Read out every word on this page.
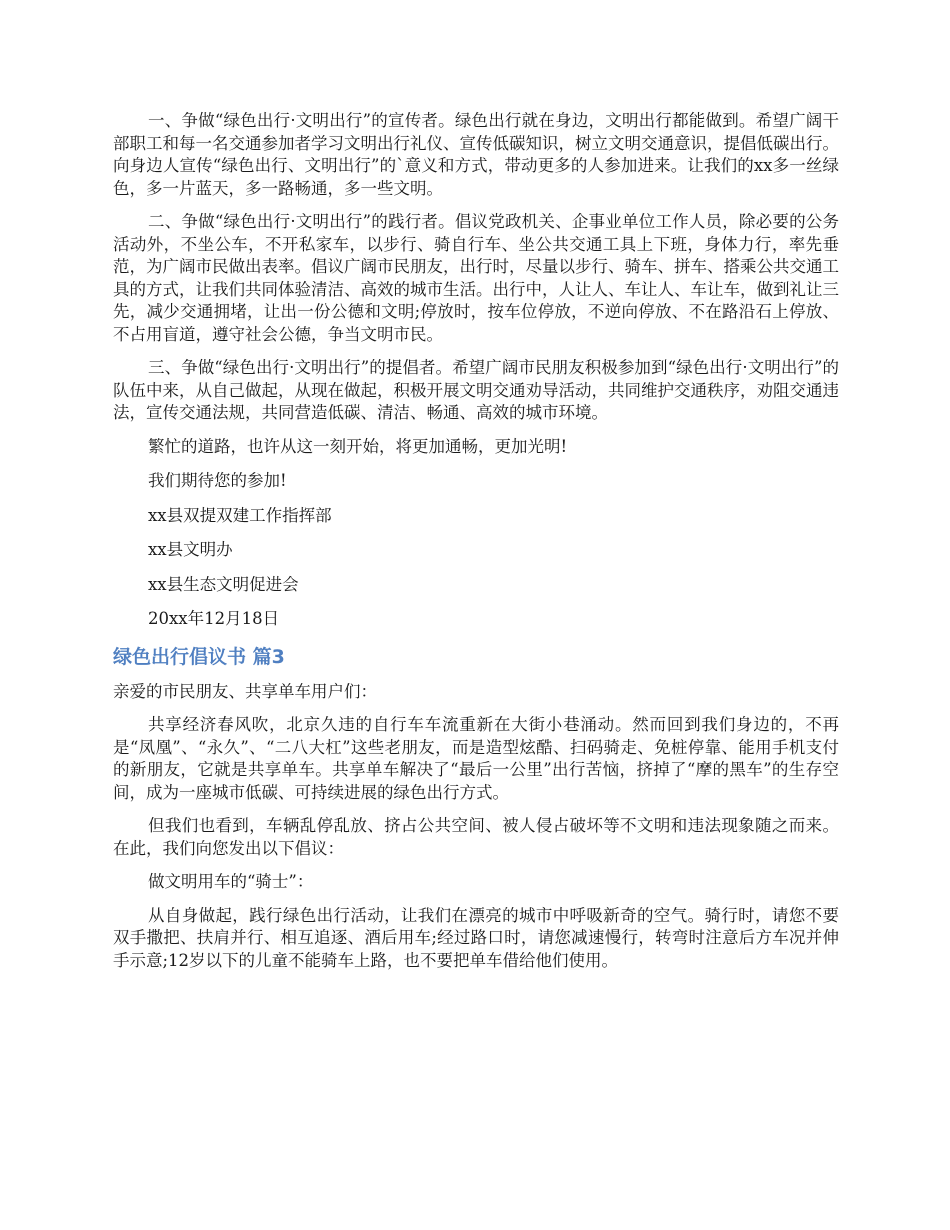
一、争做“绿色出行·文明出行”的宣传者。绿色出行就在身边，文明出行都能做到。希望广阔干部职工和每一名交通参加者学习文明出行礼仪、宣传低碳知识，树立文明交通意识，提倡低碳出行。向身边人宣传“绿色出行、文明出行”的`意义和方式，带动更多的人参加进来。让我们的xx多一丝绿色，多一片蓝天，多一路畅通，多一些文明。

二、争做“绿色出行·文明出行”的践行者。倡议党政机关、企事业单位工作人员，除必要的公务活动外，不坐公车，不开私家车，以步行、骑自行车、坐公共交通工具上下班，身体力行，率先垂范，为广阔市民做出表率。倡议广阔市民朋友，出行时，尽量以步行、骑车、拼车、搭乘公共交通工具的方式，让我们共同体验清洁、高效的城市生活。出行中，人让人、车让人、车让车，做到礼让三先，减少交通拥堵，让出一份公德和文明;停放时，按车位停放，不逆向停放、不在路沿石上停放、不占用盲道，遵守社会公德，争当文明市民。

三、争做“绿色出行·文明出行”的提倡者。希望广阔市民朋友积极参加到“绿色出行·文明出行”的队伍中来，从自己做起，从现在做起，积极开展文明交通劝导活动，共同维护交通秩序，劝阻交通违法，宣传交通法规，共同营造低碳、清洁、畅通、高效的城市环境。

繁忙的道路，也许从这一刻开始，将更加通畅，更加光明!
我们期待您的参加!
xx县双提双建工作指挥部
xx县文明办
xx县生态文明促进会
20xx年12月18日
绿色出行倡议书 篇3

亲爱的市民朋友、共享单车用户们：

共享经济春风吹，北京久违的自行车车流重新在大街小巷涌动。然而回到我们身边的，不再是“凤凰”、“永久”、“二八大杠”这些老朋友，而是造型炫酷、扫码骑走、免桩停靠、能用手机支付的新朋友，它就是共享单车。共享单车解决了“最后一公里”出行苦恼，挤掉了“摩的黑车”的生存空间，成为一座城市低碳、可持续进展的绿色出行方式。

但我们也看到，车辆乱停乱放、挤占公共空间、被人侵占破坏等不文明和违法现象随之而来。在此，我们向您发出以下倡议：

做文明用车的“骑士”：

从自身做起，践行绿色出行活动，让我们在漂亮的城市中呼吸新奇的空气。骑行时，请您不要双手撒把、扶肩并行、相互追逐、酒后用车;经过路口时，请您减速慢行，转弯时注意后方车况并伸手示意;12岁以下的儿童不能骑车上路，也不要把单车借给他们使用。
